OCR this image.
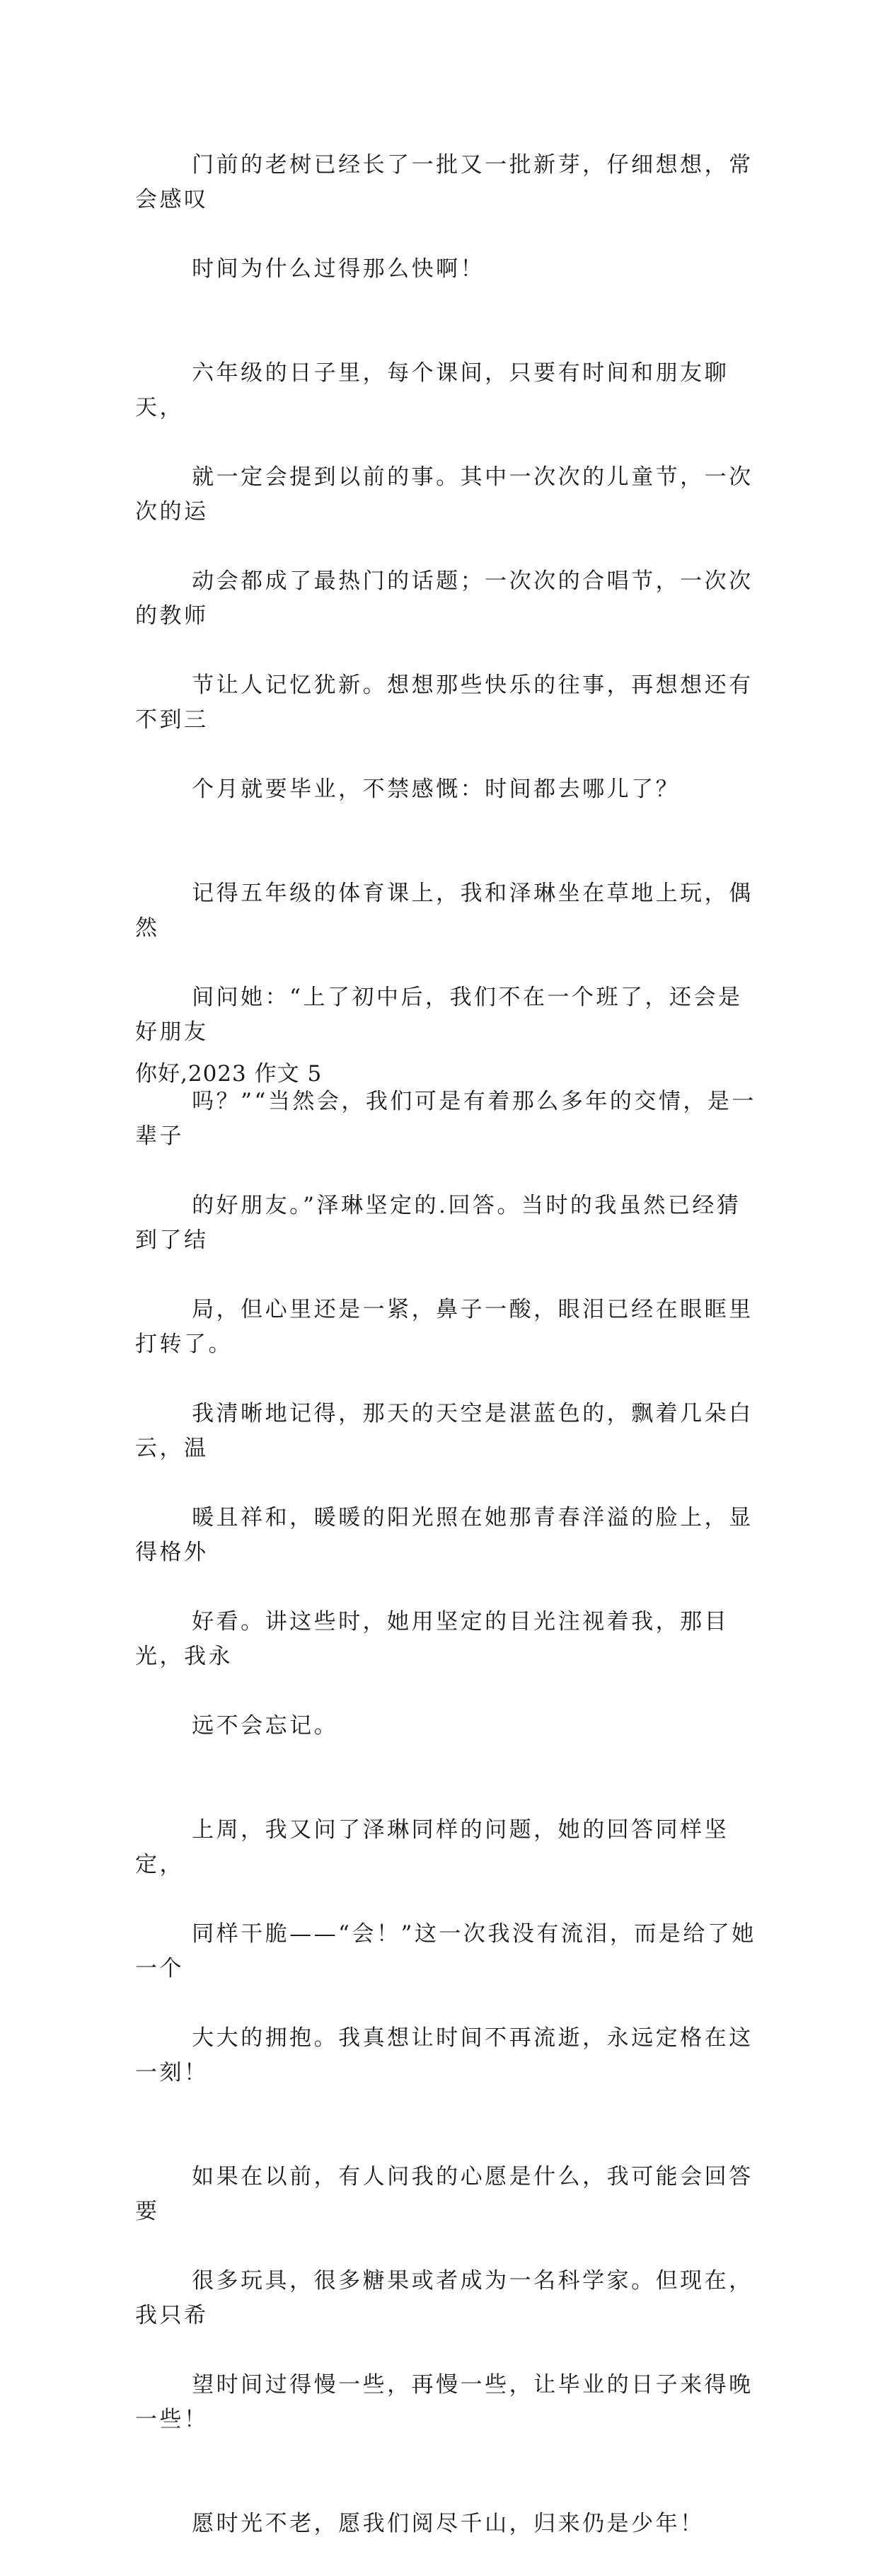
门前的老树已经长了一批又一批新芽，仔细想想，常会感叹

时间为什么过得那么快啊！

六年级的日子里，每个课间，只要有时间和朋友聊天，

就一定会提到以前的事。其中一次次的儿童节，一次次的运

动会都成了最热门的话题；一次次的合唱节，一次次的教师

节让人记忆犹新。想想那些快乐的往事，再想想还有不到三

个月就要毕业，不禁感慨：时间都去哪儿了？

记得五年级的体育课上，我和泽琳坐在草地上玩，偶然

间问她：“上了初中后，我们不在一个班了，还会是好朋友

吗？”“当然会，我们可是有着那么多年的交情，是一辈子

的好朋友。”泽琳坚定的.回答。当时的我虽然已经猜到了结

局，但心里还是一紧，鼻子一酸，眼泪已经在眼眶里打转了。

我清晰地记得，那天的天空是湛蓝色的，飘着几朵白云，温

暖且祥和，暖暖的阳光照在她那青春洋溢的脸上，显得格外

好看。讲这些时，她用坚定的目光注视着我，那目光，我永

远不会忘记。

上周，我又问了泽琳同样的问题，她的回答同样坚定，

同样干脆——“会！”这一次我没有流泪，而是给了她一个

大大的拥抱。我真想让时间不再流逝，永远定格在这一刻！

如果在以前，有人问我的心愿是什么，我可能会回答要

很多玩具，很多糖果或者成为一名科学家。但现在，我只希

望时间过得慢一些，再慢一些，让毕业的日子来得晚一些！

愿时光不老，愿我们阅尽千山，归来仍是少年！

你好,2023 作文 5
